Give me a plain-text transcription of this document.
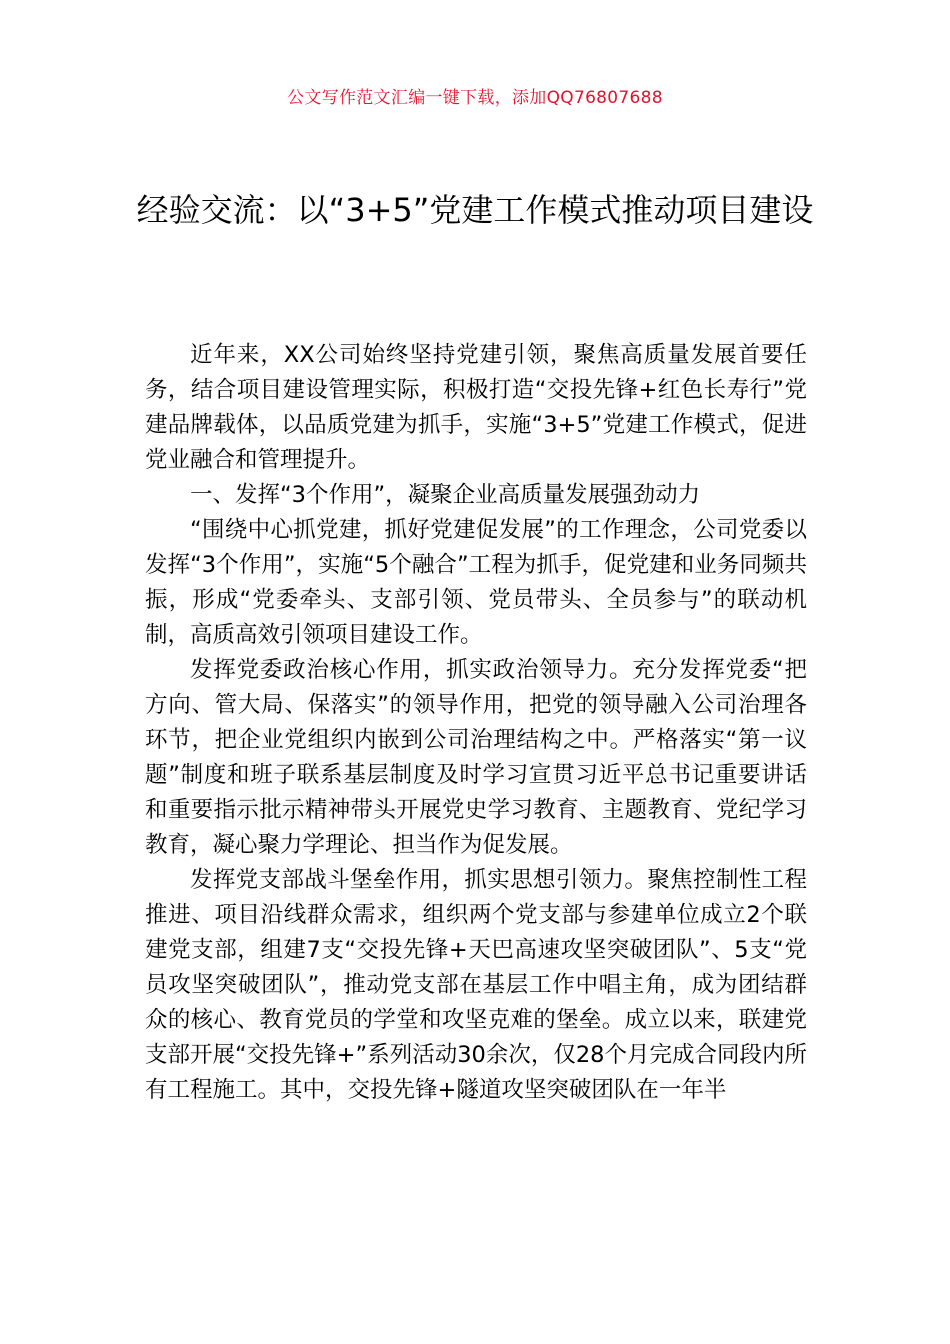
公文写作范文汇编一键下载，添加QQ76807688
经验交流：以“3+5”党建工作模式推动项目建设

近年来，XX公司始终坚持党建引领，聚焦高质量发展首要任务，结合项目建设管理实际，积极打造“交投先锋+红色长寿行”党建品牌载体，以品质党建为抓手，实施“3+5”党建工作模式，促进党业融合和管理提升。

一、发挥“3个作用”，凝聚企业高质量发展强劲动力

“围绕中心抓党建，抓好党建促发展”的工作理念，公司党委以发挥“3个作用”，实施“5个融合”工程为抓手，促党建和业务同频共振，形成“党委牵头、支部引领、党员带头、全员参与”的联动机制，高质高效引领项目建设工作。

发挥党委政治核心作用，抓实政治领导力。充分发挥党委“把方向、管大局、保落实”的领导作用，把党的领导融入公司治理各环节，把企业党组织内嵌到公司治理结构之中。严格落实“第一议题”制度和班子联系基层制度及时学习宣贯习近平总书记重要讲话和重要指示批示精神带头开展党史学习教育、主题教育、党纪学习教育，凝心聚力学理论、担当作为促发展。

发挥党支部战斗堡垒作用，抓实思想引领力。聚焦控制性工程推进、项目沿线群众需求，组织两个党支部与参建单位成立2个联建党支部，组建7支“交投先锋+天巴高速攻坚突破团队”、5支“党员攻坚突破团队”，推动党支部在基层工作中唱主角，成为团结群众的核心、教育党员的学堂和攻坚克难的堡垒。成立以来，联建党支部开展“交投先锋+”系列活动30余次，仅28个月完成合同段内所有工程施工。其中，交投先锋+隧道攻坚突破团队在一年半
